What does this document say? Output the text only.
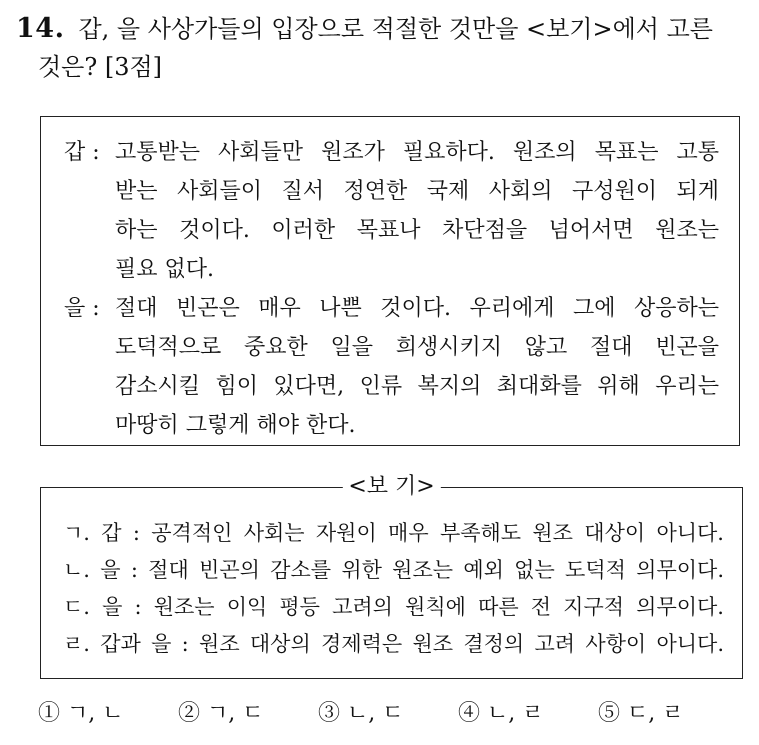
14. 갑, 을 사상가들의 입장으로 적절한 것만을 <보기>에서 고른
것은? [3점]
갑 : 고통받는 사회들만 원조가 필요하다. 원조의 목표는 고통
받는 사회들이 질서 정연한 국제 사회의 구성원이 되게
하는 것이다. 이러한 목표나 차단점을 넘어서면 원조는
필요 없다.
을 : 절대 빈곤은 매우 나쁜 것이다. 우리에게 그에 상응하는
도덕적으로 중요한 일을 희생시키지 않고 절대 빈곤을
감소시킬 힘이 있다면, 인류 복지의 최대화를 위해 우리는
마땅히 그렇게 해야 한다.
<보 기>
ㄱ. 갑 : 공격적인 사회는 자원이 매우 부족해도 원조 대상이 아니다.
ㄴ. 을 : 절대 빈곤의 감소를 위한 원조는 예외 없는 도덕적 의무이다.
ㄷ. 을 : 원조는 이익 평등 고려의 원칙에 따른 전 지구적 의무이다.
ㄹ. 갑과 을 : 원조 대상의 경제력은 원조 결정의 고려 사항이 아니다.
① ㄱ, ㄴ	② ㄱ, ㄷ	③ ㄴ, ㄷ	④ ㄴ, ㄹ	⑤ ㄷ, ㄹ
